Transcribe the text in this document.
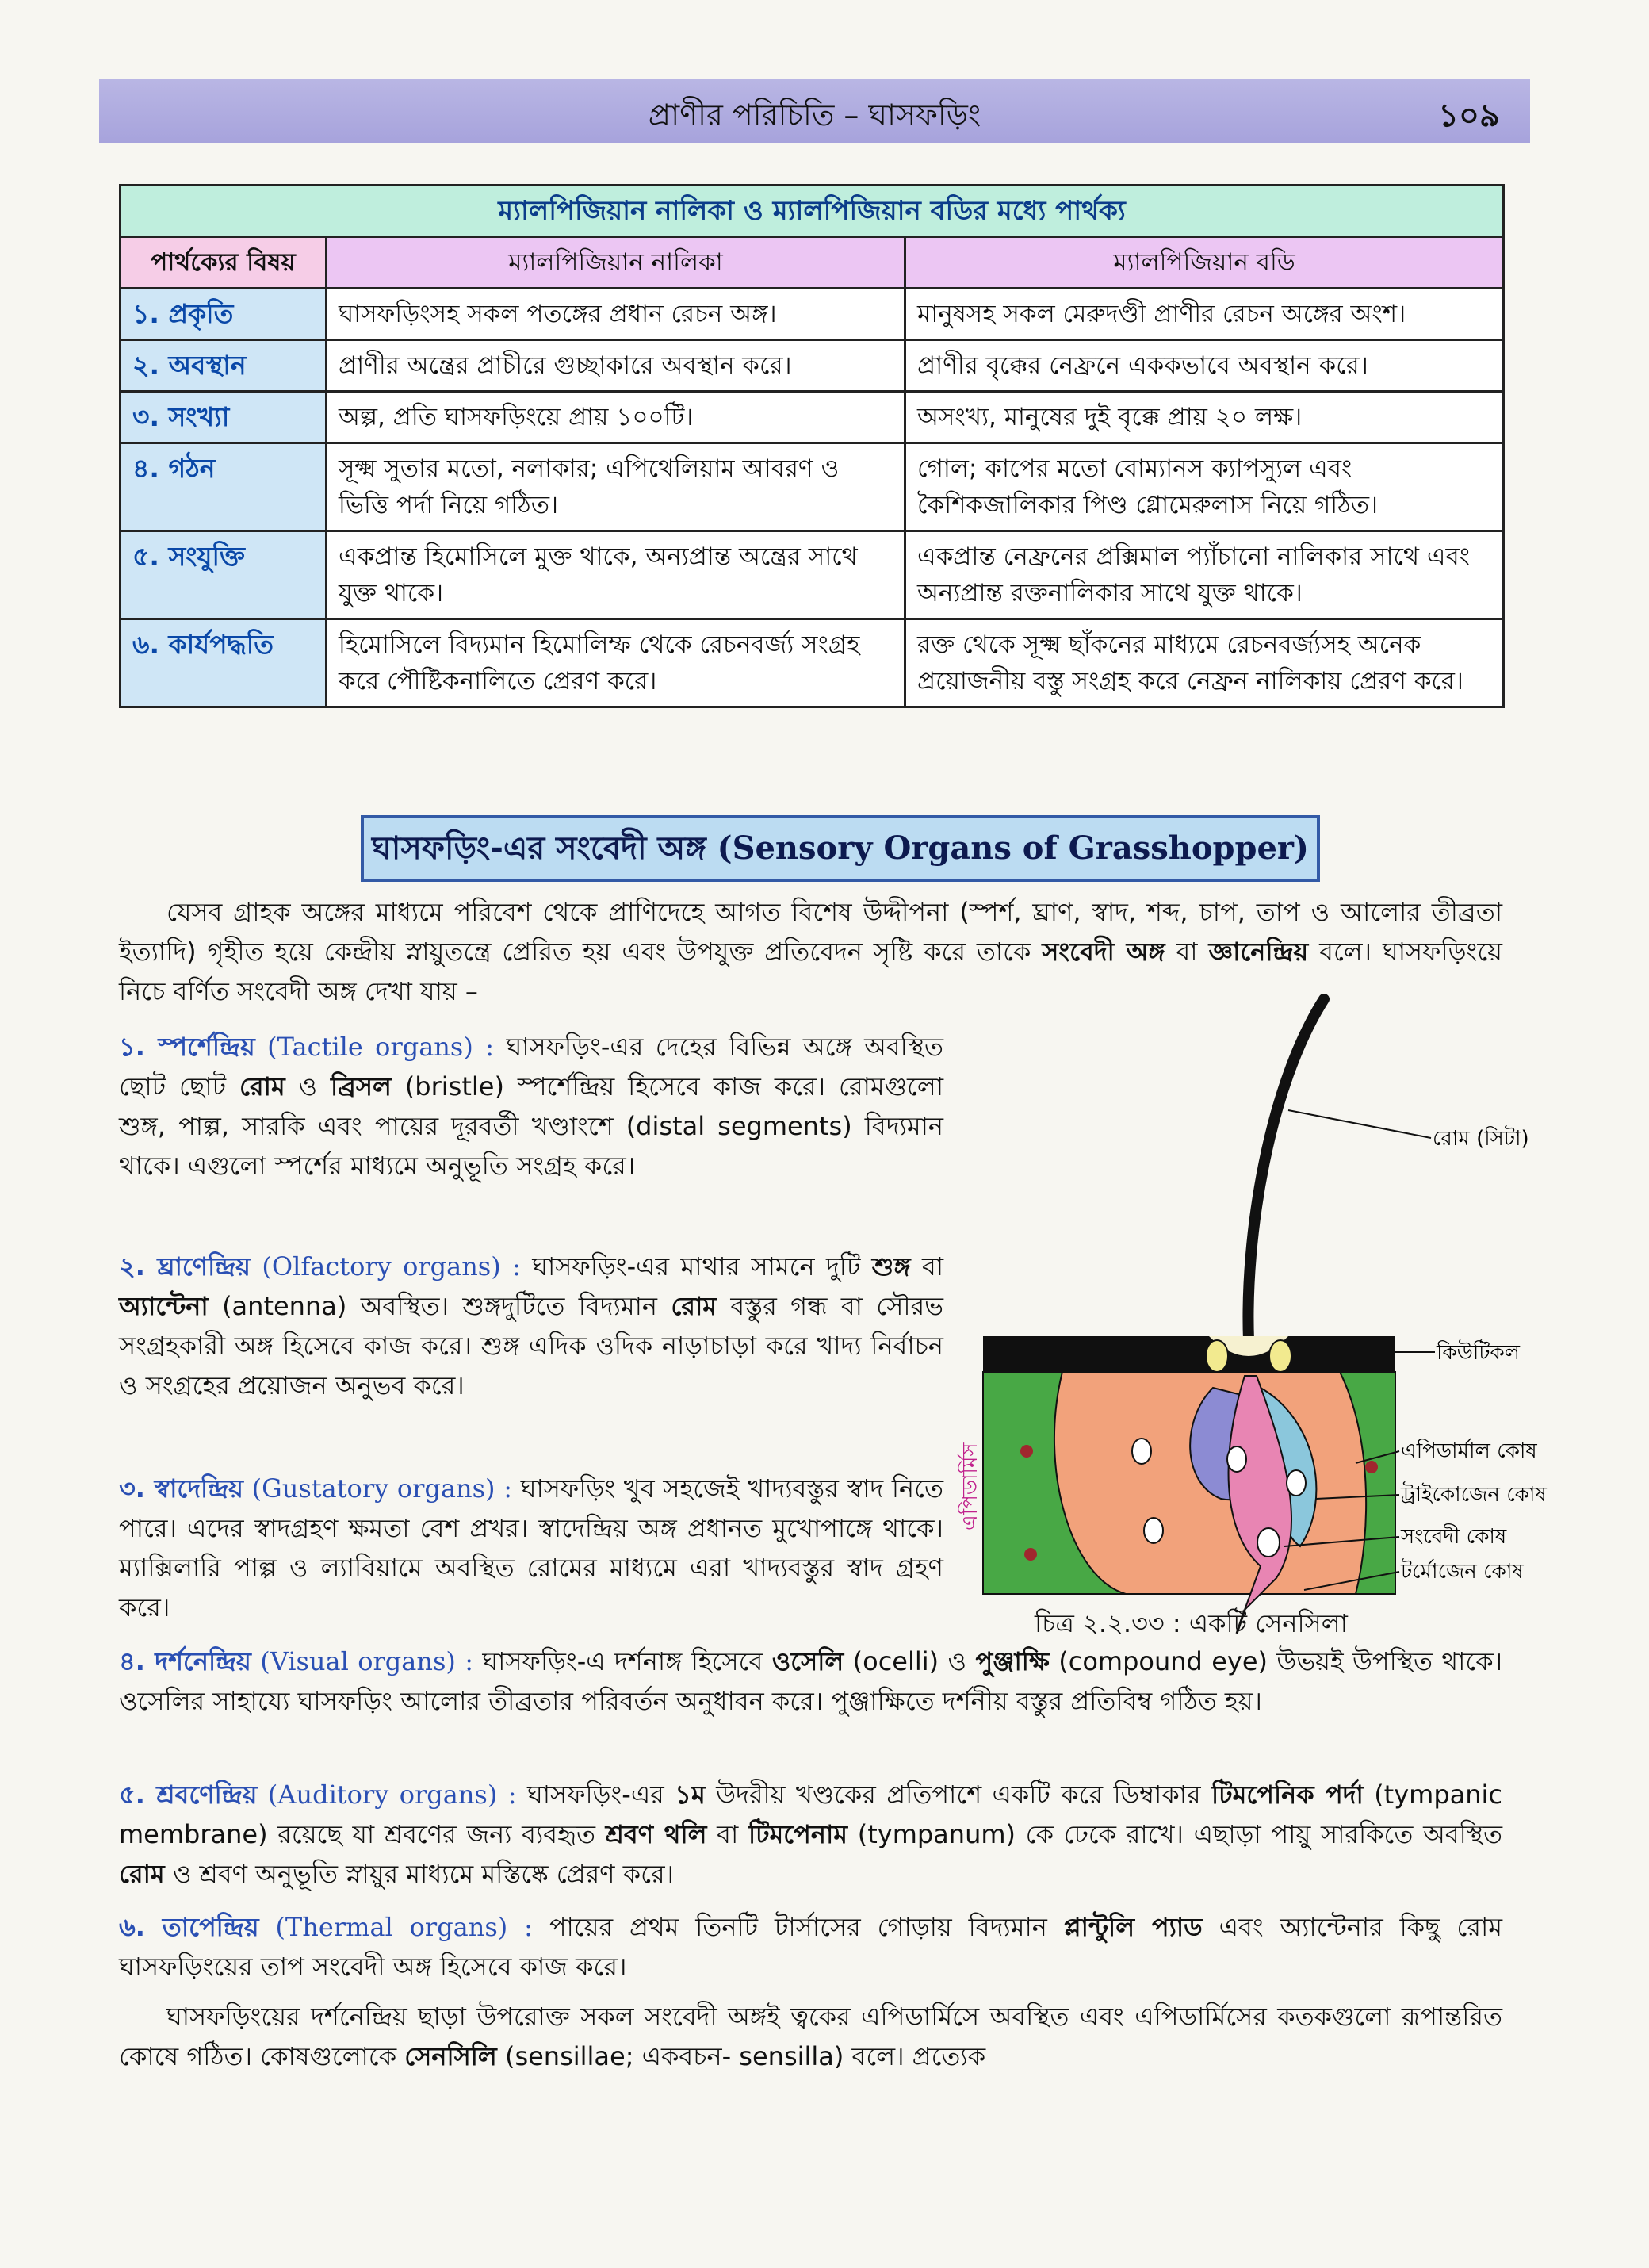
প্রাণীর পরিচিতি – ঘাসফড়িং	১০৯
ম্যালপিজিয়ান নালিকা ও ম্যালপিজিয়ান বডির মধ্যে পার্থক্য		
পার্থক্যের বিষয়	ম্যালপিজিয়ান নালিকা	ম্যালপিজিয়ান বডি
১. প্রকৃতি	ঘাসফড়িংসহ সকল পতঙ্গের প্রধান রেচন অঙ্গ।	মানুষসহ সকল মেরুদণ্ডী প্রাণীর রেচন অঙ্গের অংশ।
২. অবস্থান	প্রাণীর অন্ত্রের প্রাচীরে গুচ্ছাকারে অবস্থান করে।	প্রাণীর বৃক্কের নেফ্রনে এককভাবে অবস্থান করে।
৩. সংখ্যা	অল্প, প্রতি ঘাসফড়িংয়ে প্রায় ১০০টি।	অসংখ্য, মানুষের দুই বৃক্কে প্রায় ২০ লক্ষ।
৪. গঠন	সূক্ষ্ম সুতার মতো, নলাকার; এপিথেলিয়াম আবরণ ও ভিত্তি পর্দা নিয়ে গঠিত।	গোল; কাপের মতো বোম্যানস ক্যাপস্যুল এবং কৈশিকজালিকার পিণ্ড গ্লোমেরুলাস নিয়ে গঠিত।
৫. সংযুক্তি	একপ্রান্ত হিমোসিলে মুক্ত থাকে, অন্যপ্রান্ত অন্ত্রের সাথে যুক্ত থাকে।	একপ্রান্ত নেফ্রনের প্রক্সিমাল প্যাঁচানো নালিকার সাথে এবং অন্যপ্রান্ত রক্তনালিকার সাথে যুক্ত থাকে।
৬. কার্যপদ্ধতি	হিমোসিলে বিদ্যমান হিমোলিম্ফ থেকে রেচনবর্জ্য সংগ্রহ করে পৌষ্টিকনালিতে প্রেরণ করে।	রক্ত থেকে সূক্ষ্ম ছাঁকনের মাধ্যমে রেচনবর্জ্যসহ অনেক প্রয়োজনীয় বস্তু সংগ্রহ করে নেফ্রন নালিকায় প্রেরণ করে।
ঘাসফড়িং-এর সংবেদী অঙ্গ (Sensory Organs of Grasshopper)

যেসব গ্রাহক অঙ্গের মাধ্যমে পরিবেশ থেকে প্রাণিদেহে আগত বিশেষ উদ্দীপনা (স্পর্শ, ঘ্রাণ, স্বাদ, শব্দ, চাপ, তাপ ও আলোর তীব্রতা ইত্যাদি) গৃহীত হয়ে কেন্দ্রীয় স্নায়ুতন্ত্রে প্রেরিত হয় এবং উপযুক্ত প্রতিবেদন সৃষ্টি করে তাকে সংবেদী অঙ্গ বা জ্ঞানেন্দ্রিয় বলে। ঘাসফড়িংয়ে নিচে বর্ণিত সংবেদী অঙ্গ দেখা যায় –

১. স্পর্শেন্দ্রিয় (Tactile organs) : ঘাসফড়িং-এর দেহের বিভিন্ন অঙ্গে অবস্থিত ছোট ছোট রোম ও ব্রিসল (bristle) স্পর্শেন্দ্রিয় হিসেবে কাজ করে। রোমগুলো শুঙ্গ, পাল্প, সারকি এবং পায়ের দূরবর্তী খণ্ডাংশে (distal segments) বিদ্যমান থাকে। এগুলো স্পর্শের মাধ্যমে অনুভূতি সংগ্রহ করে।

২. ঘ্রাণেন্দ্রিয় (Olfactory organs) : ঘাসফড়িং-এর মাথার সামনে দুটি শুঙ্গ বা অ্যান্টেনা (antenna) অবস্থিত। শুঙ্গদুটিতে বিদ্যমান রোম বস্তুর গন্ধ বা সৌরভ সংগ্রহকারী অঙ্গ হিসেবে কাজ করে। শুঙ্গ এদিক ওদিক নাড়াচাড়া করে খাদ্য নির্বাচন ও সংগ্রহের প্রয়োজন অনুভব করে।

৩. স্বাদেন্দ্রিয় (Gustatory organs) : ঘাসফড়িং খুব সহজেই খাদ্যবস্তুর স্বাদ নিতে পারে। এদের স্বাদগ্রহণ ক্ষমতা বেশ প্রখর। স্বাদেন্দ্রিয় অঙ্গ প্রধানত মুখোপাঙ্গে থাকে। ম্যাক্সিলারি পাল্প ও ল্যাবিয়ামে অবস্থিত রোমের মাধ্যমে এরা খাদ্যবস্তুর স্বাদ গ্রহণ করে।

৪. দর্শনেন্দ্রিয় (Visual organs) : ঘাসফড়িং-এ দর্শনাঙ্গ হিসেবে ওসেলি (ocelli) ও পুঞ্জাক্ষি (compound eye) উভয়ই উপস্থিত থাকে। ওসেলির সাহায্যে ঘাসফড়িং আলোর তীব্রতার পরিবর্তন অনুধাবন করে। পুঞ্জাক্ষিতে দর্শনীয় বস্তুর প্রতিবিম্ব গঠিত হয়।

৫. শ্রবণেন্দ্রিয় (Auditory organs) : ঘাসফড়িং-এর ১ম উদরীয় খণ্ডকের প্রতিপাশে একটি করে ডিম্বাকার টিমপেনিক পর্দা (tympanic membrane) রয়েছে যা শ্রবণের জন্য ব্যবহৃত শ্রবণ থলি বা টিমপেনাম (tympanum) কে ঢেকে রাখে। এছাড়া পায়ু সারকিতে অবস্থিত রোম ও শ্রবণ অনুভূতি স্নায়ুর মাধ্যমে মস্তিষ্কে প্রেরণ করে।

৬. তাপেন্দ্রিয় (Thermal organs) : পায়ের প্রথম তিনটি টার্সাসের গোড়ায় বিদ্যমান প্লান্টুলি প্যাড এবং অ্যান্টেনার কিছু রোম ঘাসফড়িংয়ের তাপ সংবেদী অঙ্গ হিসেবে কাজ করে।

ঘাসফড়িংয়ের দর্শনেন্দ্রিয় ছাড়া উপরোক্ত সকল সংবেদী অঙ্গই ত্বকের এপিডার্মিসে অবস্থিত এবং এপিডার্মিসের কতকগুলো রূপান্তরিত কোষে গঠিত। কোষগুলোকে সেনসিলি (sensillae; একবচন- sensilla) বলে। প্রত্যেক

রোম (সিটা)
কিউটিকল
এপিডার্মিস	এপিডার্মাল কোষ
ট্রাইকোজেন কোষ
সংবেদী কোষ
টর্মোজেন কোষ
চিত্র ২.২.৩৩ : একটি সেনসিলা
